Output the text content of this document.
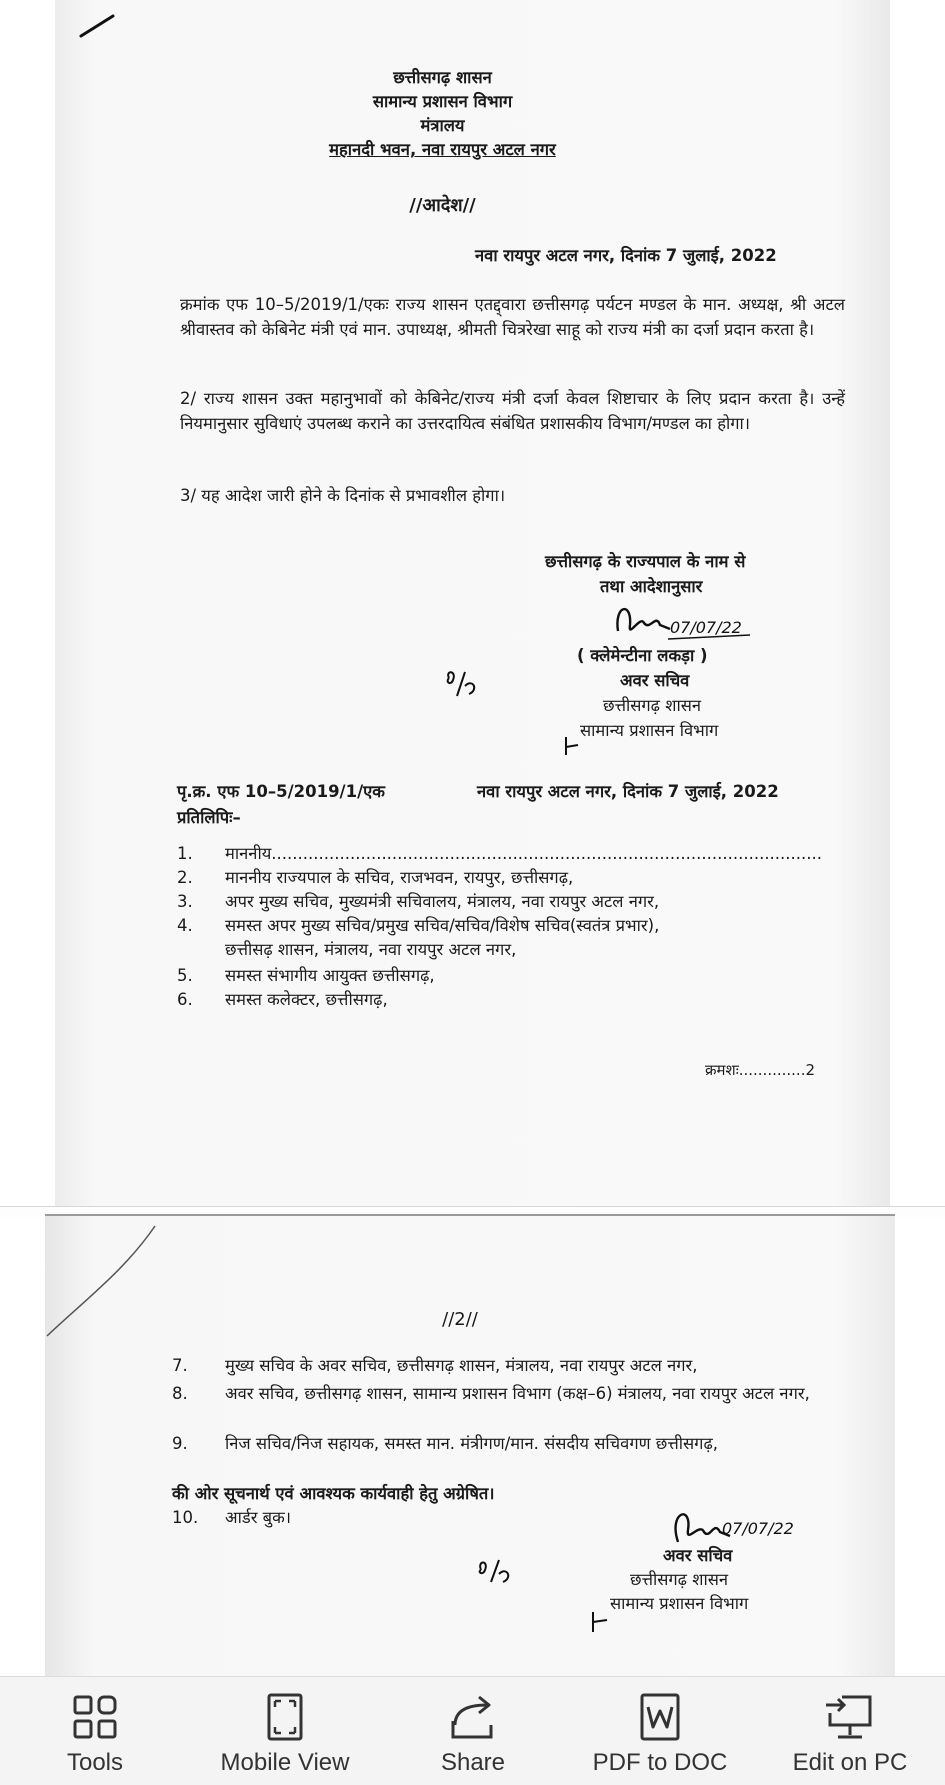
छत्तीसगढ़ शासन
सामान्य प्रशासन विभाग
मंत्रालय
महानदी भवन, नवा रायपुर अटल नगर
//आदेश//
नवा रायपुर अटल नगर, दिनांक 7 जुलाई, 2022
क्रमांक एफ 10–5/2019/1/एकः राज्य शासन एतद्द्वारा छत्तीसगढ़ पर्यटन मण्डल के मान. अध्यक्ष, श्री अटल श्रीवास्तव को केबिनेट मंत्री एवं मान. उपाध्यक्ष, श्रीमती चित्ररेखा साहू को राज्य मंत्री का दर्जा प्रदान करता है।
2/ राज्य शासन उक्त महानुभावों को केबिनेट/राज्य मंत्री दर्जा केवल शिष्टाचार के लिए प्रदान करता है। उन्हें नियमानुसार सुविधाएं उपलब्ध कराने का उत्तरदायित्व संबंधित प्रशासकीय विभाग/मण्डल का होगा।
3/ यह आदेश जारी होने के दिनांक से प्रभावशील होगा।
छत्तीसगढ़ के राज्यपाल के नाम से
तथा आदेशानुसार
07/07/22
( क्लेमेन्टीना लकड़ा )
अवर सचिव
छत्तीसगढ़ शासन
सामान्य प्रशासन विभाग
पृ.क्र. एफ 10–5/2019/1/एक	नवा रायपुर अटल नगर, दिनांक 7 जुलाई, 2022
प्रतिलिपिः–
1. माननीय.........................................................................................................
2. माननीय राज्यपाल के सचिव, राजभवन, रायपुर, छत्तीसगढ़,
3. अपर मुख्य सचिव, मुख्यमंत्री सचिवालय, मंत्रालय, नवा रायपुर अटल नगर,
4. समस्त अपर मुख्य सचिव/प्रमुख सचिव/सचिव/विशेष सचिव(स्वतंत्र प्रभार),
छत्तीसढ़ शासन, मंत्रालय, नवा रायपुर अटल नगर,
5. समस्त संभागीय आयुक्त छत्तीसगढ़,
6. समस्त कलेक्टर, छत्तीसगढ़,
क्रमशः..............2
//2//
7. मुख्य सचिव के अवर सचिव, छत्तीसगढ़ शासन, मंत्रालय, नवा रायपुर अटल नगर,
8. अवर सचिव, छत्तीसगढ़ शासन, सामान्य प्रशासन विभाग (कक्ष–6) मंत्रालय, नवा रायपुर अटल नगर,
9. निज सचिव/निज सहायक, समस्त मान. मंत्रीगण/मान. संसदीय सचिवगण छत्तीसगढ़,
की ओर सूचनार्थ एवं आवश्यक कार्यवाही हेतु अग्रेषित।
10. आर्डर बुक।
07/07/22
अवर सचिव
छत्तीसगढ़ शासन
सामान्य प्रशासन विभाग
Tools	Mobile View	Share	PDF to DOC	Edit on PC
